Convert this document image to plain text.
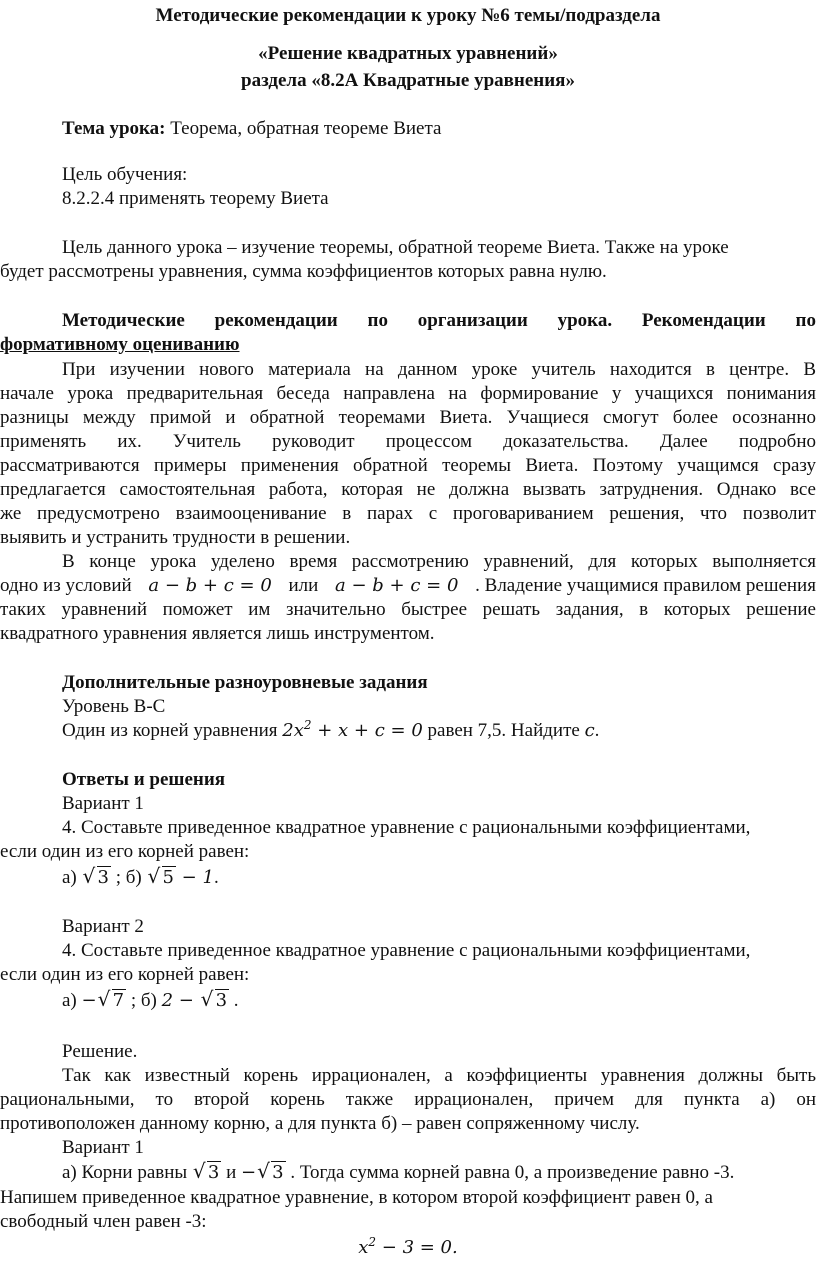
Методические рекомендации к уроку №6 темы/подраздела
«Решение квадратных уравнений»
раздела «8.2А Квадратные уравнения»
Тема урока: Теорема, обратная теореме Виета
Цель обучения:
8.2.2.4 применять теорему Виета
Цель данного урока – изучение теоремы, обратной теореме Виета. Также на уроке
будет рассмотрены уравнения, сумма коэффициентов которых равна нулю.
Методические рекомендации по организации урока. Рекомендации по
формативному оцениванию
При изучении нового материала на данном уроке учитель находится в центре. В
начале урока предварительная беседа направлена на формирование у учащихся понимания
разницы между примой и обратной теоремами Виета. Учащиеся смогут более осознанно
применять их. Учитель руководит процессом доказательства. Далее подробно
рассматриваются примеры применения обратной теоремы Виета. Поэтому учащимся сразу
предлагается самостоятельная работа, которая не должна вызвать затруднения. Однако все
же предусмотрено взаимооценивание в парах с проговариванием решения, что позволит
выявить и устранить трудности в решении.
В конце урока уделено время рассмотрению уравнений, для которых выполняется
одно из условий a − b + c = 0 или a − b + c = 0 . Владение учащимися правилом решения
таких уравнений поможет им значительно быстрее решать задания, в которых решение
квадратного уравнения является лишь инструментом.
Дополнительные разноуровневые задания
Уровень В-С
Один из корней уравнения $2x^2 + x + c = 0$ равен 7,5. Найдите c.
Ответы и решения
Вариант 1
4. Составьте приведенное квадратное уравнение с рациональными коэффициентами,
если один из его корней равен:
а) √ 3 ; б) √ 5 − 1.
Вариант 2
4. Составьте приведенное квадратное уравнение с рациональными коэффициентами,
если один из его корней равен:
а) − √ 7 ; б) 2 − √ 3 .
Решение.
Так как известный корень иррационален, а коэффициенты уравнения должны быть
рациональными, то второй корень также иррационален, причем для пункта а) он
противоположен данному корню, а для пункта б) – равен сопряженному числу.
Вариант 1
а) Корни равны √ 3 и − √ 3 . Тогда сумма корней равна 0, а произведение равно -3.
Напишем приведенное квадратное уравнение, в котором второй коэффициент равен 0, а
свободный член равен -3:
$x^2 - 3 = 0$.
